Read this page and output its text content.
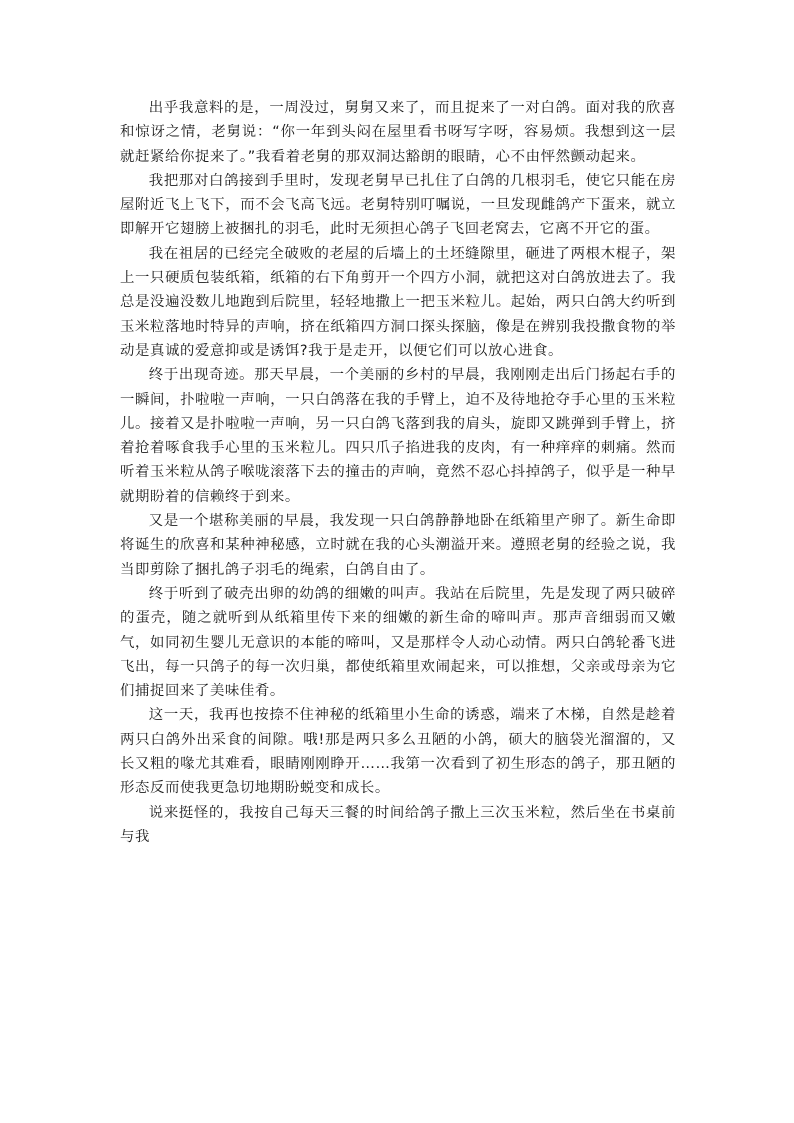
出乎我意料的是，一周没过，舅舅又来了，而且捉来了一对白鸽。面对我的欣喜和惊讶之情，老舅说：“你一年到头闷在屋里看书呀写字呀，容易烦。我想到这一层就赶紧给你捉来了。”我看着老舅的那双洞达豁朗的眼睛，心不由怦然颤动起来。

我把那对白鸽接到手里时，发现老舅早已扎住了白鸽的几根羽毛，使它只能在房屋附近飞上飞下，而不会飞高飞远。老舅特别叮嘱说，一旦发现雌鸽产下蛋来，就立即解开它翅膀上被捆扎的羽毛，此时无须担心鸽子飞回老窝去，它离不开它的蛋。

我在祖居的已经完全破败的老屋的后墙上的土坯缝隙里，砸进了两根木棍子，架上一只硬质包装纸箱，纸箱的右下角剪开一个四方小洞，就把这对白鸽放进去了。我总是没遍没数儿地跑到后院里，轻轻地撒上一把玉米粒儿。起始，两只白鸽大约听到玉米粒落地时特异的声响，挤在纸箱四方洞口探头探脑，像是在辨别我投撒食物的举动是真诚的爱意抑或是诱饵?我于是走开，以便它们可以放心进食。

终于出现奇迹。那天早晨，一个美丽的乡村的早晨，我刚刚走出后门扬起右手的一瞬间，扑啦啦一声响，一只白鸽落在我的手臂上，迫不及待地抢夺手心里的玉米粒儿。接着又是扑啦啦一声响，另一只白鸽飞落到我的肩头，旋即又跳弹到手臂上，挤着抢着啄食我手心里的玉米粒儿。四只爪子掐进我的皮肉，有一种痒痒的刺痛。然而听着玉米粒从鸽子喉咙滚落下去的撞击的声响，竟然不忍心抖掉鸽子，似乎是一种早就期盼着的信赖终于到来。

又是一个堪称美丽的早晨，我发现一只白鸽静静地卧在纸箱里产卵了。新生命即将诞生的欣喜和某种神秘感，立时就在我的心头潮溢开来。遵照老舅的经验之说，我当即剪除了捆扎鸽子羽毛的绳索，白鸽自由了。

终于听到了破壳出卵的幼鸽的细嫩的叫声。我站在后院里，先是发现了两只破碎的蛋壳，随之就听到从纸箱里传下来的细嫩的新生命的啼叫声。那声音细弱而又嫩气，如同初生婴儿无意识的本能的啼叫，又是那样令人动心动情。两只白鸽轮番飞进飞出，每一只鸽子的每一次归巢，都使纸箱里欢闹起来，可以推想，父亲或母亲为它们捕捉回来了美味佳肴。

这一天，我再也按捺不住神秘的纸箱里小生命的诱惑，端来了木梯，自然是趁着两只白鸽外出采食的间隙。哦!那是两只多么丑陋的小鸽，硕大的脑袋光溜溜的，又长又粗的喙尤其难看，眼睛刚刚睁开……我第一次看到了初生形态的鸽子，那丑陋的形态反而使我更急切地期盼蜕变和成长。

说来挺怪的，我按自己每天三餐的时间给鸽子撒上三次玉米粒，然后坐在书桌前与我
